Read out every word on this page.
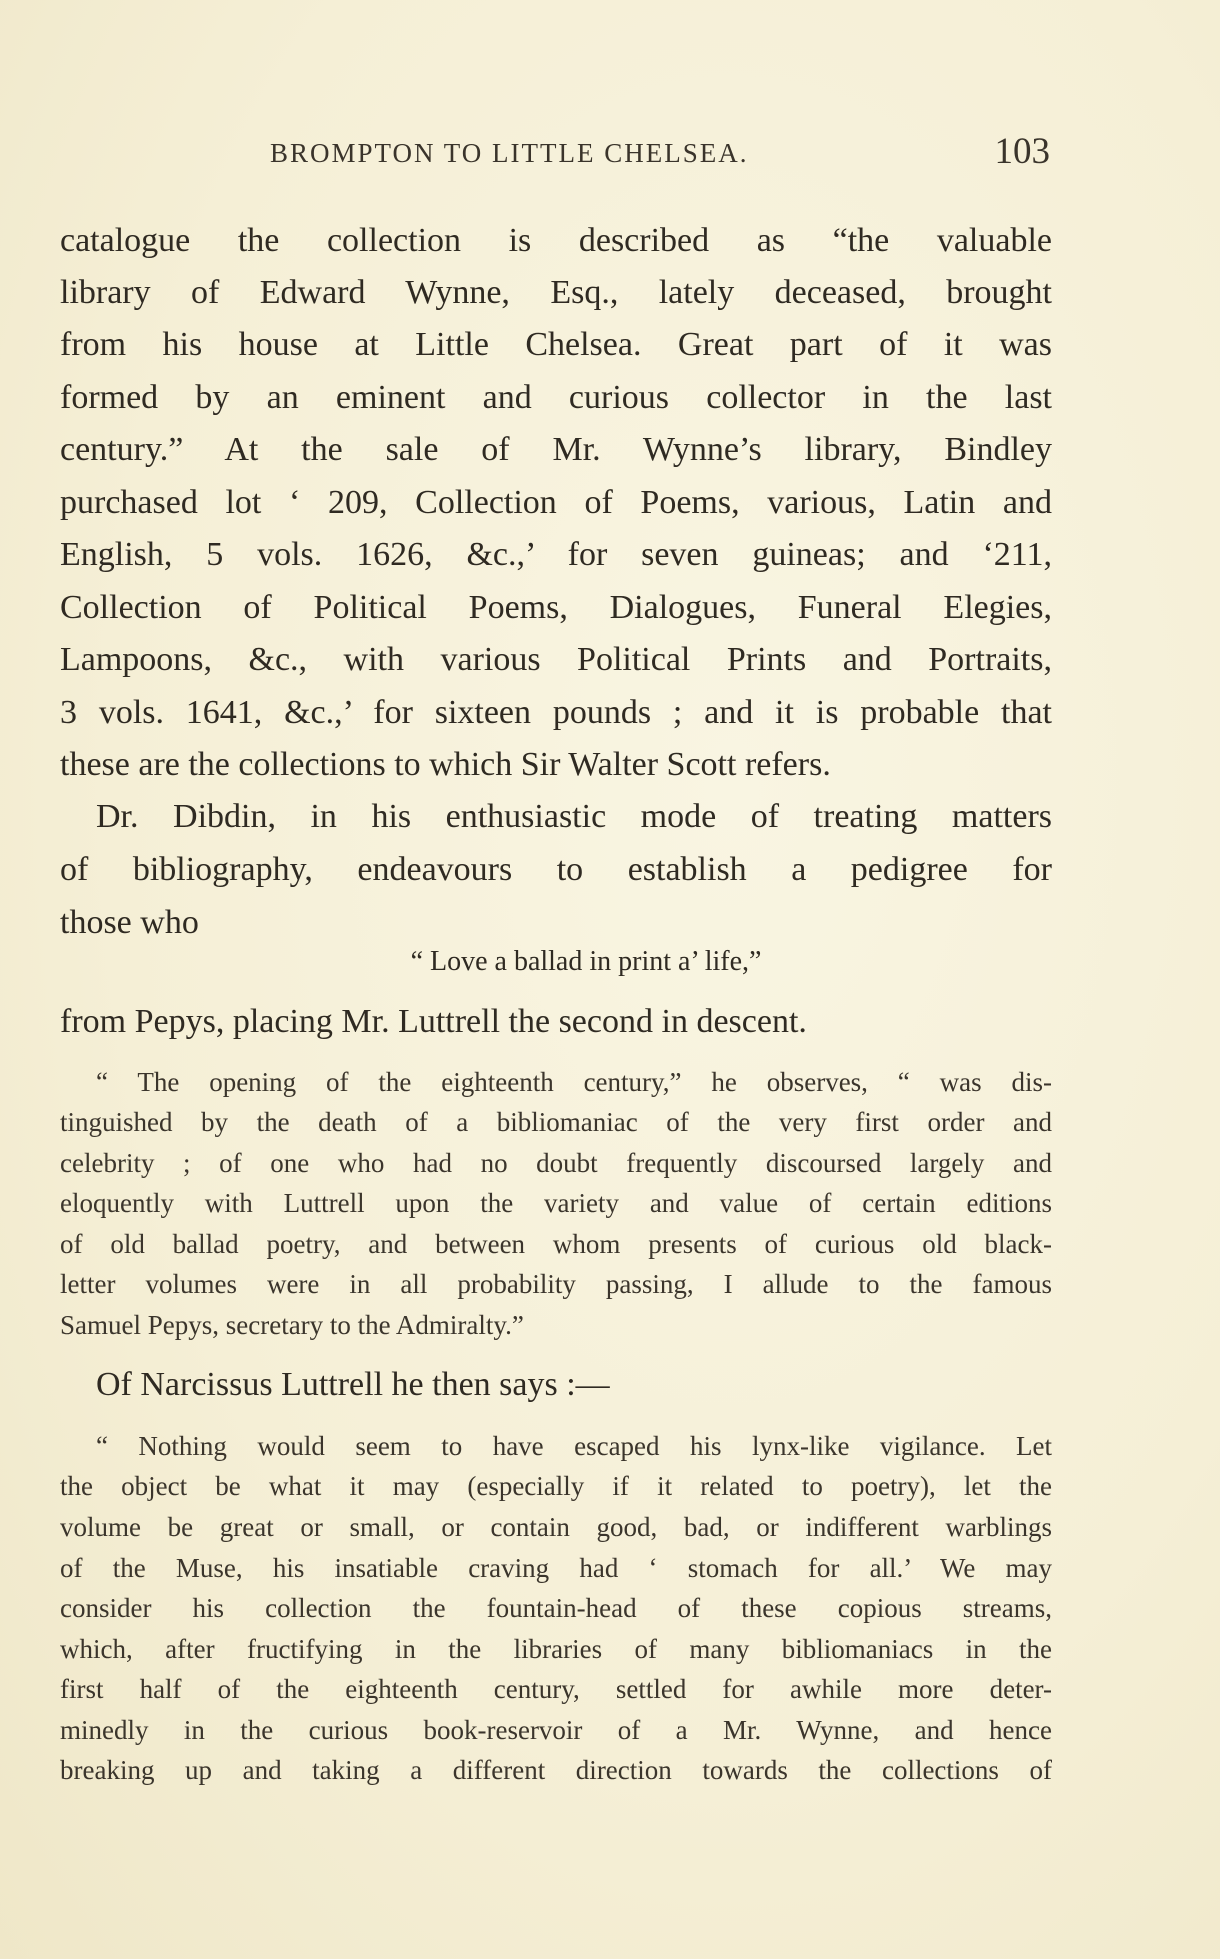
BROMPTON TO LITTLE CHELSEA.	103
catalogue the collection is described as “the valuable
library of Edward Wynne, Esq., lately deceased, brought
from his house at Little Chelsea. Great part of it was
formed by an eminent and curious collector in the last
century.” At the sale of Mr. Wynne’s library, Bindley
purchased lot ‘ 209, Collection of Poems, various, Latin and
English, 5 vols. 1626, &c.,’ for seven guineas; and ‘211,
Collection of Political Poems, Dialogues, Funeral Elegies,
Lampoons, &c., with various Political Prints and Portraits,
3 vols. 1641, &c.,’ for sixteen pounds ; and it is probable that
these are the collections to which Sir Walter Scott refers.
Dr. Dibdin, in his enthusiastic mode of treating matters
of bibliography, endeavours to establish a pedigree for
those who
“ Love a ballad in print a’ life,”
from Pepys, placing Mr. Luttrell the second in descent.
“ The opening of the eighteenth century,” he observes, “ was dis-
tinguished by the death of a bibliomaniac of the very first order and
celebrity ; of one who had no doubt frequently discoursed largely and
eloquently with Luttrell upon the variety and value of certain editions
of old ballad poetry, and between whom presents of curious old black-
letter volumes were in all probability passing, I allude to the famous
Samuel Pepys, secretary to the Admiralty.”
Of Narcissus Luttrell he then says :—
“ Nothing would seem to have escaped his lynx-like vigilance. Let
the object be what it may (especially if it related to poetry), let the
volume be great or small, or contain good, bad, or indifferent warblings
of the Muse, his insatiable craving had ‘ stomach for all.’ We may
consider his collection the fountain-head of these copious streams,
which, after fructifying in the libraries of many bibliomaniacs in the
first half of the eighteenth century, settled for awhile more deter-
minedly in the curious book-reservoir of a Mr. Wynne, and hence
breaking up and taking a different direction towards the collections of
